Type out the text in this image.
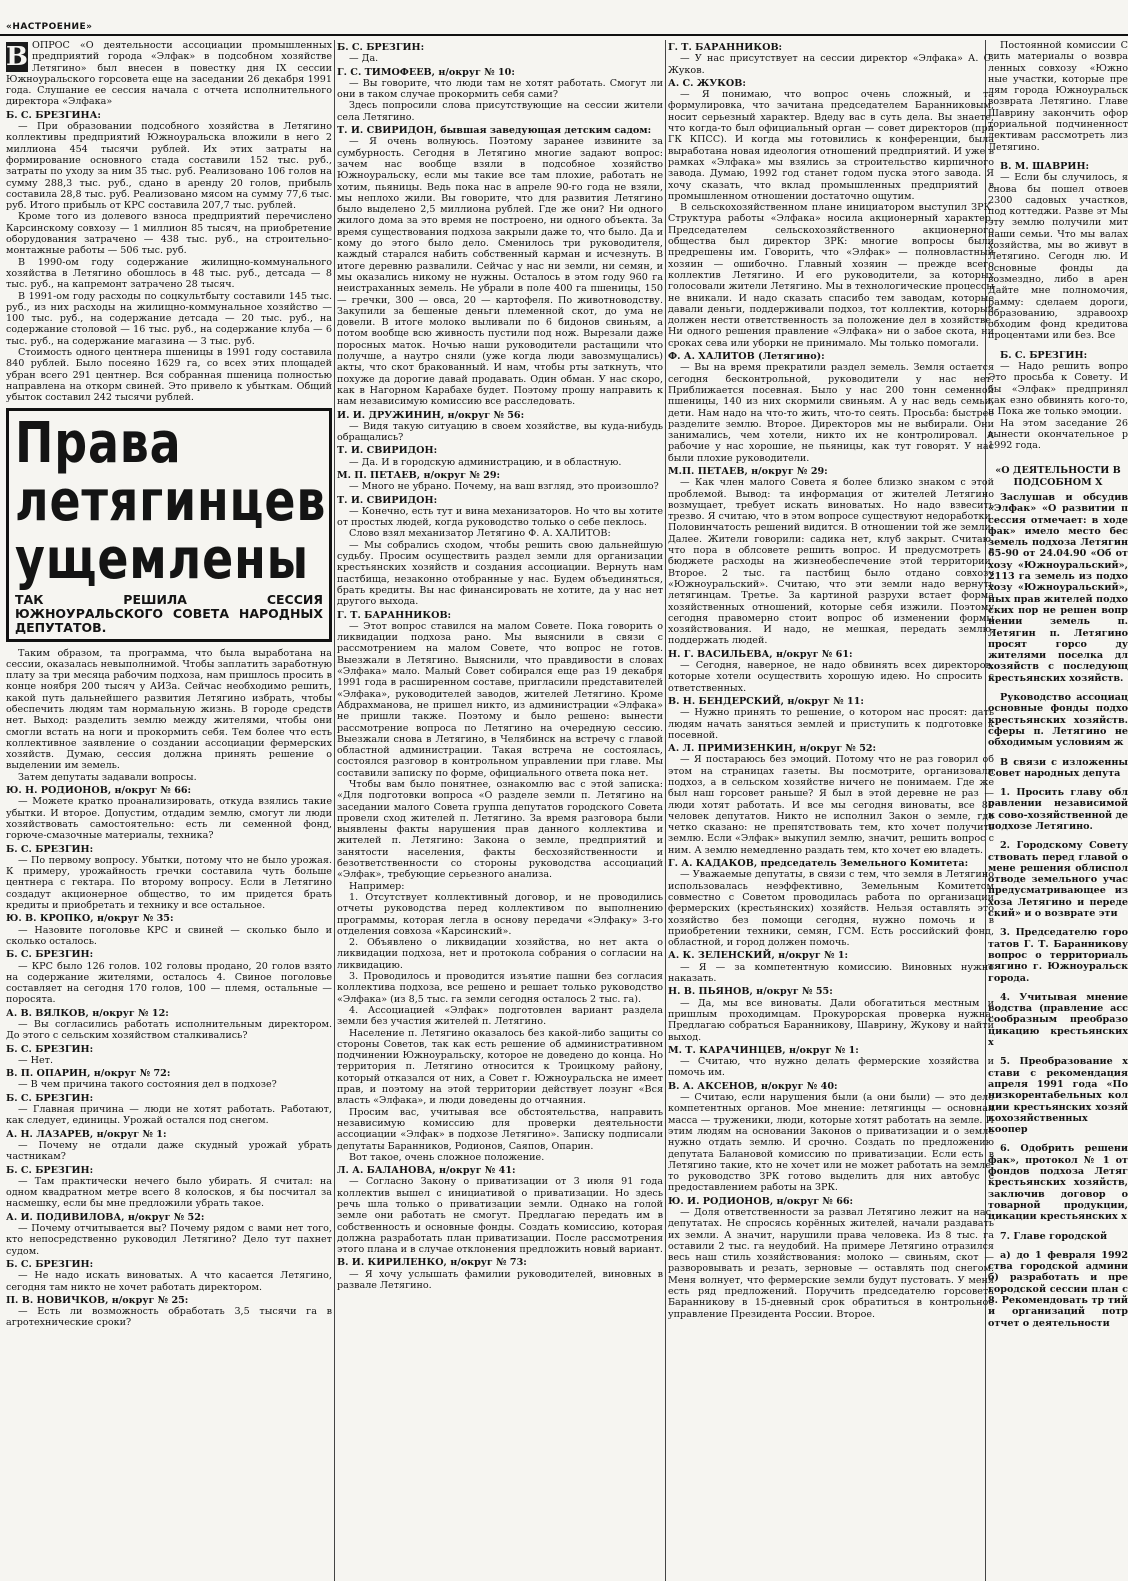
«НАСТРОЕНИЕ»

В ОПРОС «О деятельности ассоциации промышленных предприятий города «Элфак» в подсобном хозяйстве Летягино» был внесен в повестку дня IX сессии Южноуральского горсовета еще на заседании 26 декабря 1991 года. Слушание ее сессия начала с отчета исполнительного директора «Элфака»

Б. С. БРЕЗГИНА:

— При образовании подсобного хозяйства в Летягино коллективы предприятий Южноуральска вложили в него 2 миллиона 454 тысячи рублей. Их этих затраты на формирование основного стада составили 152 тыс. руб., затраты по уходу за ним 35 тыс. руб. Реализовано 106 голов на сумму 288,3 тыс. руб., сдано в аренду 20 голов, прибыль составила 28,8 тыс. руб. Реализовано мясом на сумму 77,6 тыс. руб. Итого прибыль от КРС составила 207,7 тыс. рублей.

Кроме того из долевого взноса предприятий перечислено Карсинскому совхозу — 1 миллион 85 тысяч, на приобретение оборудования затрачено — 438 тыс. руб., на строительно-монтажные работы — 506 тыс. руб.

В 1990-ом году содержание жилищно-коммунального хозяйства в Летягино обошлось в 48 тыс. руб., детсада — 8 тыс. руб., на капремонт затрачено 28 тысяч.

В 1991-ом году расходы по соцкультбыту составили 145 тыс. руб., из них расходы на жилищно-коммунальное хозяйство — 100 тыс. руб., на содержание детсада — 20 тыс. руб., на содержание столовой — 16 тыс. руб., на содержание клуба — 6 тыс. руб., на содержание магазина — 3 тыс. руб.

Стоимость одного центнера пшеницы в 1991 году составила 840 рублей. Было посеяно 1629 га, со всех этих площадей убран всего 291 центнер. Вся собранная пшеница полностью направлена на откорм свиней. Это привело к убыткам. Общий убыток составил 242 тысячи рублей.

Права летягинцев ущемлены
ТАК РЕШИЛА СЕССИЯ ЮЖНОУРАЛЬСКОГО СОВЕТА НАРОДНЫХ ДЕПУТАТОВ.

Таким образом, та программа, что была выработана на сессии, оказалась невыполнимой. Чтобы заплатить заработную плату за три месяца рабочим подхоза, нам пришлось просить в конце ноября 200 тысяч у АИЗа. Сейчас необходимо решить, какой путь дальнейшего развития Летягино избрать, чтобы обеспечить людям там нормальную жизнь. В городе средств нет. Выход: разделить землю между жителями, чтобы они смогли встать на ноги и прокормить себя. Тем более что есть коллективное заявление о создании ассоциации фермерских хозяйств. Думаю, сессия должна принять решение о выделении им земель.

Затем депутаты задавали вопросы.

Ю. Н. РОДИОНОВ, н/округ № 66:

— Можете кратко проанализировать, откуда взялись такие убытки. И второе. Допустим, отдадим землю, смогут ли люди хозяйствовать самостоятельно: есть ли семенной фонд, горюче-смазочные материалы, техника?

Б. С. БРЕЗГИН:

— По первому вопросу. Убытки, потому что не было урожая. К примеру, урожайность гречки составила чуть больше центнера с гектара. По второму вопросу. Если в Летягино создадут акционерное общество, то им придется брать кредиты и приобретать и технику и все остальное.

Ю. В. КРОПКО, н/округ № 35:

— Назовите поголовье КРС и свиней — сколько было и сколько осталось.

Б. С. БРЕЗГИН:

— КРС было 126 голов. 102 головы продано, 20 голов взято на содержание жителями, осталось 4. Свиное поголовье составляет на сегодня 170 голов, 100 — племя, остальные — поросята.

А. В. ВЯЛКОВ, н/округ № 12:

— Вы согласились работать исполнительным директором. До этого с сельским хозяйством сталкивались?

Б. С. БРЕЗГИН:

— Нет.

В. П. ОПАРИН, н/округ № 72:

— В чем причина такого состояния дел в подхозе?

Б. С. БРЕЗГИН:

— Главная причина — люди не хотят работать. Работают, как следует, единицы. Урожай остался под снегом.

А. Н. ЛАЗАРЕВ, н/округ № 1:

— Почему не отдали даже скудный урожай убрать частникам?

Б. С. БРЕЗГИН:

— Там практически нечего было убирать. Я считал: на одном квадратном метре всего 8 колосков, я бы посчитал за насмешку, если бы мне предложили убрать такое.

А. И. ПОДИВИЛОВА, н/округ № 52:

— Почему отчитывается вы? Почему рядом с вами нет того, кто непосредственно руководил Летягино? Дело тут пахнет судом.

Б. С. БРЕЗГИН:

— Не надо искать виноватых. А что касается Летягино, сегодня там никто не хочет работать директором.

П. В. НОВИЧКОВ, н/округ № 25:

— Есть ли возможность обработать 3,5 тысячи га в агротехнические сроки?

Б. С. БРЕЗГИН:

— Да.

Г. С. ТИМОФЕЕВ, н/округ № 10:

— Вы говорите, что люди там не хотят работать. Смогут ли они в таком случае прокормить себя сами?

Здесь попросили слова присутствующие на сессии жители села Летягино.

Т. И. СВИРИДОН, бывшая заведующая детским садом:

— Я очень волнуюсь. Поэтому заранее извините за сумбурность. Сегодня в Летягино многие задают вопрос: зачем нас вообще взяли в подсобное хозяйство Южноуральску, если мы такие все там плохие, работать не хотим, пьяницы. Ведь пока нас в апреле 90-го года не взяли, мы неплохо жили. Вы говорите, что для развития Летягино было выделено 2,5 миллиона рублей. Где же они? Ни одного жилого дома за это время не построено, ни одного объекта. За время существования подхоза закрыли даже то, что было. Да и кому до этого было дело. Сменилось три руководителя, каждый старался набить собственный карман и исчезнуть. В итоге деревню развалили. Сейчас у нас ни земли, ни семян, и мы оказались никому не нужны. Осталось в этом году 960 га неистраханных земель. Не убрали в поле 400 га пшеницы, 150 — гречки, 300 — овса, 20 — картофеля. По животноводству. Закупили за бешеные деньги племенной скот, до ума не довели. В итоге молоко выливали по 6 бидонов свиньям, а потом вообще всю живность пустили под нож. Вырезали даже поросных маток. Ночью наши руководители растащили что получше, а наутро сняли (уже когда люди завозмущались) акты, что скот бракованный. И нам, чтобы рты заткнуть, что похуже да дорогие давай продавать. Один обман. У нас скоро, как в Нагорном Карабахе будет. Поэтому прошу направить к нам независимую комиссию все расследовать.

И. И. ДРУЖИНИН, н/округ № 56:

— Видя такую ситуацию в своем хозяйстве, вы куда-нибудь обращались?

Т. И. СВИРИДОН:

— Да. И в городскую администрацию, и в областную.

М. П. ПЕТАЕВ, н/округ № 29:

— Много не убрано. Почему, на ваш взгляд, это произошло?

Т. И. СВИРИДОН:

— Конечно, есть тут и вина механизаторов. Но что вы хотите от простых людей, когда руководство только о себе пеклось.

Слово взял механизатор Летягино Ф. А. ХАЛИТОВ:

— Мы собрались сходом, чтобы решить свою дальнейшую судьбу. Просим осуществить раздел земли для организации крестьянских хозяйств и создания ассоциации. Вернуть нам пастбища, незаконно отобранные у нас. Будем объединяться, брать кредиты. Вы нас финансировать не хотите, да у нас нет другого выхода.

Г. Т. БАРАННИКОВ:

— Этот вопрос ставился на малом Совете. Пока говорить о ликвидации подхоза рано. Мы выяснили в связи с рассмотрением на малом Совете, что вопрос не готов. Выезжали в Летягино. Выяснили, что правдивости в словах «Элфака» мало. Малый Совет собирался еще раз 19 декабря 1991 года в расширенном составе, пригласили представителей «Элфака», руководителей заводов, жителей Летягино. Кроме Абдрахманова, не пришел никто, из администрации «Элфака» не пришли также. Поэтому и было решено: вынести рассмотрение вопроса по Летягино на очередную сессию. Выезжали снова в Летягино, в Челябинск на встречу с главой областной администрации. Такая встреча не состоялась, состоялся разговор в контрольном управлении при главе. Мы составили записку по форме, официального ответа пока нет.

Чтобы вам было понятнее, ознакомлю вас с этой записка: «Для подготовки вопроса «О разделе земли п. Летягино на заседании малого Совета группа депутатов городского Совета провели сход жителей п. Летягино. За время разговора были выявлены факты нарушения прав данного коллектива и жителей п. Летягино: Закона о земле, предприятий и занятости населения, факты бесхозяйственности и безответственности со стороны руководства ассоциаций «Элфак», требующие серьезного анализа.

Например:

1. Отсутствует коллективный договор, и не проводились отчеты руководства перед коллективом по выполнению программы, которая легла в основу передачи «Элфаку» 3-го отделения совхоза «Карсинский».

2. Объявлено о ликвидации хозяйства, но нет акта о ликвидации подхоза, нет и протокола собрания о согласии на ликвидацию.

3. Проводилось и проводится изъятие пашни без согласия коллектива подхоза, все решено и решает только руководство «Элфака» (из 8,5 тыс. га земли сегодня осталось 2 тыс. га).

4. Ассоциацией «Элфак» подготовлен вариант раздела земли без участия жителей п. Летягино.

Население п. Летягино оказалось без какой-либо защиты со стороны Советов, так как есть решение об административном подчинении Южноуральску, которое не доведено до конца. Но территория п. Летягино относится к Троицкому району, который отказался от них, а Совет г. Южноуральска не имеет прав, и поэтому на этой территории действует лозунг «Вся власть «Элфака», и люди доведены до отчаяния.

Просим вас, учитывая все обстоятельства, направить независимую комиссию для проверки деятельности ассоциации «Элфак» в подхозе Летягино». Записку подписали депутаты Баранников, Родионов, Саяпов, Опарин.

Вот такое, очень сложное положение.

Л. А. БАЛАНОВА, н/округ № 41:

— Согласно Закону о приватизации от 3 июля 91 года коллектив вышел с инициативой о приватизации. Но здесь речь шла только о приватизации земли. Однако на голой земле они работать не смогут. Предлагаю передать им в собственность и основные фонды. Создать комиссию, которая должна разработать план приватизации. После рассмотрения этого плана и в случае отклонения предложить новый вариант.

В. И. КИРИЛЕНКО, н/округ № 73:

— Я хочу услышать фамилии руководителей, виновных в развале Летягино.

Г. Т. БАРАННИКОВ:

— У нас присутствует на сессии директор «Элфака» А. С. Жуков.

А. С. ЖУКОВ:

— Я понимаю, что вопрос очень сложный, и та формулировка, что зачитана председателем Баранниковым, носит серьезный характер. Вдеду вас в суть дела. Вы знаете, что когда-то был официальный орган — совет директоров (при ГК КПСС). И когда мы готовились к конференции, была выработана новая идеология отношений предприятий. И уже в рамках «Элфака» мы взялись за строительство кирпичного завода. Думаю, 1992 год станет годом пуска этого завода. Я хочу сказать, что вклад промышленных предприятий в промышленном отношении достаточно ощутим.

В сельскохозяйственном плане инициатором выступил ЗРК. Структура работы «Элфака» носила акционерный характер. Председателем сельскохозяйственного акционерного общества был директор ЗРК: многие вопросы были предрешены им. Говорить, что «Элфак» — полновластный хозяин — ошибочно. Главный хозяин — прежде всего коллектив Летягино. И его руководители, за которых голосовали жители Летягино. Мы в технологические процессы не вникали. И надо сказать спасибо тем заводам, которые давали деньги, поддерживали подхоз, тот коллектив, который должен нести ответственность за положение дел в хозяйстве. Ни одного решения правление «Элфака» ни о забое скота, ни сроках сева или уборки не принимало. Мы только помогали.

Ф. А. ХАЛИТОВ (Летягино):

— Вы на время прекратили раздел земель. Земля остается сегодня бесконтрольной, руководители у нас нет. Приближается посевная. Было у нас 200 тонн семенной пшеницы, 140 из них скормили свиньям. А у нас ведь семьи, дети. Нам надо на что-то жить, что-то сеять. Просьба: быстрее разделите землю. Второе. Директоров мы не выбирали. Они занимались, чем хотели, никто их не контролировал. А рабочие у нас хорошие, не пьяницы, как тут говорят. У нас были плохие руководители.

М.П. ПЕТАЕВ, н/округ № 29:

— Как член малого Совета я более близко знаком с этой проблемой. Вывод: та информация от жителей Летягино возмущает, требует искать виноватых. Но надо взвесить трезво. Я считаю, что в этом вопросе существуют недоработки. Половинчатость решений видится. В отношении той же земли. Далее. Жители говорили: садика нет, клуб закрыт. Считаю, что пора в облсовете решить вопрос. И предусмотреть в бюджете расходы на жизнеобеспечение этой территории. Второе. 2 тыс. га пастбищ было отдано совхозу «Южноуральский». Считаю, что эти земли надо вернуть летягинцам. Третье. За картиной разрухи встает форма хозяйственных отношений, которые себя изжили. Поэтому сегодня правомерно стоит вопрос об изменении формы хозяйствования. И надо, не мешкая, передать землю, поддержать людей.

Н. Г. ВАСИЛЬЕВА, н/округ № 61:

— Сегодня, наверное, не надо обвинять всех директоров, которые хотели осуществить хорошую идею. Но спросить с ответственных.

В. Н. БЕНДЕРСКИЙ, н/округ № 11:

— Нужно принять то решение, о котором нас просят: дать людям начать заняться землей и приступить к подготовке к посевной.

А. Л. ПРИМИЗЕНКИН, н/округ № 52:

— Я постараюсь без эмоций. Потому что не раз говорил об этом на страницах газеты. Вы посмотрите, организовали подхоз, а в сельском хозяйстве ничего не понимаем. Где же был наш горсовет раньше? Я был в этой деревне не раз — люди хотят работать. И все мы сегодня виноваты, все 80 человек депутатов. Никто не исполнил Закон о земле, где четко сказано: не препятствовать тем, кто хочет получить землю. Если «Элфак» выкупил землю, значит, решить вопрос с ним. А землю немедленно раздать тем, кто хочет ею владеть.

Г. А. КАДАКОВ, председатель Земельного Комитета:

— Уважаемые депутаты, в связи с тем, что земля в Летягино использовалась неэффективно, Земельным Комитетом совместно с Советом проводилась работа по организации фермерских (крестьянских) хозяйств. Нельзя оставлять это хозяйство без помощи сегодня, нужно помочь и в приобретении техники, семян, ГСМ. Есть российский фонд, областной, и город должен помочь.

А. К. ЗЕЛЕНСКИЙ, н/округ № 1:

— Я — за компетентную комиссию. Виновных нужно наказать.

Н. В. ПЬЯНОВ, н/округ № 55:

— Да, мы все виноваты. Дали обогатиться местным и пришлым проходимцам. Прокурорская проверка нужна. Предлагаю собраться Баранникову, Шаврину, Жукову и найти выход.

М. Т. КАРАЧИНЦЕВ, н/округ № 1:

— Считаю, что нужно делать фермерские хозяйства и помочь им.

В. А. АКСЕНОВ, н/округ № 40:

— Считаю, если нарушения были (а они были) — это дело компетентных органов. Мое мнение: летягинцы — основная масса — труженики, люди, которые хотят работать на земле. И этим людям на основании Законов о приватизации и о земле нужно отдать землю. И срочно. Создать по предложению депутата Балановой комиссию по приватизации. Если есть в Летягино такие, кто не хочет или не может работать на земле, то руководство ЗРК готово выделить для них автобус с предоставлением работы на ЗРК.

Ю. И. РОДИОНОВ, н/округ № 66:

— Доля ответственности за развал Летягино лежит на нас, депутатах. Не спросясь корённых жителей, начали раздавать их земли. А значит, нарушили права человека. Из 8 тыс. га оставили 2 тыс. га неудобий. На примере Летягино отразился весь наш стиль хозяйствования: молоко — свиньям, скот — разворовывать и резать, зерновые — оставлять под снегом. Меня волнует, что фермерские земли будут пустовать. У меня есть ряд предложений. Поручить председателю горсовета Баранникову в 15-дневный срок обратиться в контрольное управление Президента России. Второе.

Постоянной комиссии С вить материалы о возвра ленных совхозу «Южно ные участки, которые пре лям города Южноуральск возврата Летягино. Главе Шаврину закончить офор ториальной подчиненност лективам рассмотреть лиз Летягино.

В. М. ШАВРИН:

— Если бы случилось, я снова бы пошел отвоев 2300 садовых участков, под коттеджи. Разве эт Мы эту землю получили мит наши семьи. Что мы валах хозяйства, мы во живут в Летягино. Сегодн лю. И основные фонды да возмездно, либо в арен Дайте мне полномочия, рамму: сделаем дороги, образованию, здравоохр обходим фонд кредитова процентами или без. Все

Б. С. БРЕЗГИН:

— Надо решить вопро Это просьба к Совету. И бы «Элфак» предпринял как езно обвинять кого-то, н Пока же только эмоции.

На этом заседание 26 вынести окончательное р 1992 года.

«О ДЕЯТЕЛЬНОСТИ В ПОДСОБНОМ Х

Заслушав и обсудив «Элфак» «О развитии п сессия отмечает: в ходе фак» имело место бес земель подхоза Летягин 65-90 от 24.04.90 «Об от хозу «Южноуральский», 2113 га земель из подхо хозу «Южноуральский», ных прав жителей подхо ских пор не решен вопр нении земель п. Летягин п. Летягино просят горсо ду жителями поселка дл хозяйств с последующ крестьянских хозяйств.

Руководство ассоциац основные фонды подхо крестьянских хозяйств. сферы п. Летягино не обходимым условиям ж

В связи с изложенны Совет народных депута

1. Просить главу обл равлении независимой к сово-хозяйственной де подхозе Летягино.

2. Городскому Совету ствовать перед главой о мене решения облиспол отводе земельного учас предусматривающее из хоза Летягино и переде ский» и о возврате эти

3. Председателю горо татов Г. Т. Баранникову вопрос о территориаль тягино г. Южноуральск города.

4. Учитывая мнение водства (правление асс сообразным преобразо цикацию крестьянских х

5. Преобразование х стави с рекомендация апреля 1991 года «По низкорентабельных кол ции крестьянских хозяй кохозяйственных коопер

6. Одобрить решени фак», протокол № 1 от фондов подхоза Летяг крестьянских хозяйств, заключив договор о товарной продукции, цикации крестьянских х

7. Главе городской

а) до 1 февраля 1992 ства городской админи б) разработать и пре городской сессии план с 8. Рекомендовать тр тий и организаций потр отчет о деятельности
